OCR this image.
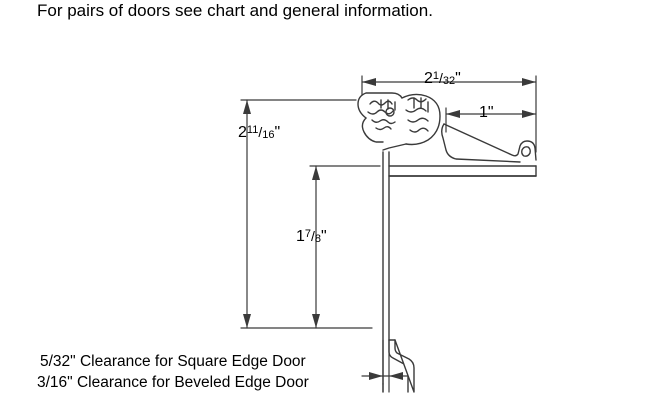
For pairs of doors see chart and general information.
21/32"
1"
211/16"
17/8"
5/32" Clearance for Square Edge Door
3/16" Clearance for Beveled Edge Door
